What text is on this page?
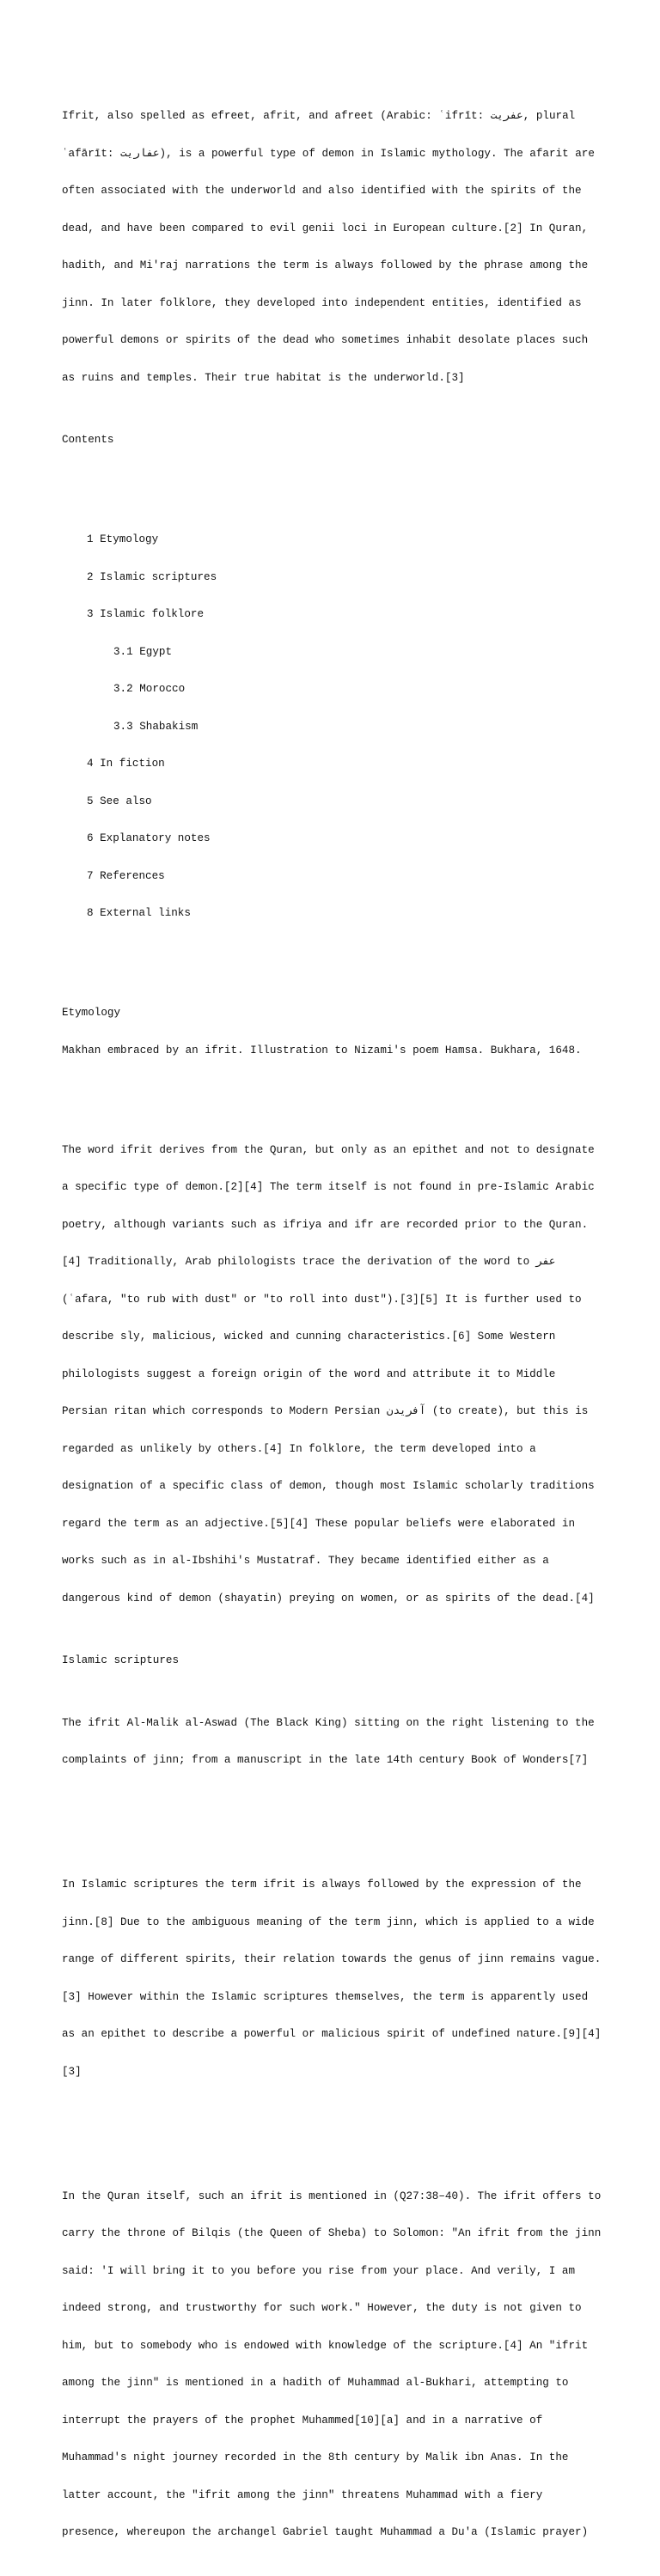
Ifrit, also spelled as efreet, afrit, and afreet (Arabic: ʿifrīt: عفريت, plural

ʿafārīt: عفاريت), is a powerful type of demon in Islamic mythology. The afarit are

often associated with the underworld and also identified with the spirits of the

dead, and have been compared to evil genii loci in European culture.[2] In Quran,

hadith, and Mi'raj narrations the term is always followed by the phrase among the

jinn. In later folklore, they developed into independent entities, identified as

powerful demons or spirits of the dead who sometimes inhabit desolate places such

as ruins and temples. Their true habitat is the underworld.[3]

Contents

1 Etymology

2 Islamic scriptures

3 Islamic folklore

3.1 Egypt

3.2 Morocco

3.3 Shabakism

4 In fiction

5 See also

6 Explanatory notes

7 References

8 External links

Etymology

Makhan embraced by an ifrit. Illustration to Nizami's poem Hamsa. Bukhara, 1648.

The word ifrit derives from the Quran, but only as an epithet and not to designate

a specific type of demon.[2][4] The term itself is not found in pre-Islamic Arabic

poetry, although variants such as ifriya and ifr are recorded prior to the Quran.

[4] Traditionally, Arab philologists trace the derivation of the word to عفر

(ʿafara, "to rub with dust" or "to roll into dust").[3][5] It is further used to

describe sly, malicious, wicked and cunning characteristics.[6] Some Western

philologists suggest a foreign origin of the word and attribute it to Middle

Persian ritan which corresponds to Modern Persian آفریدن (to create), but this is

regarded as unlikely by others.[4] In folklore, the term developed into a

designation of a specific class of demon, though most Islamic scholarly traditions

regard the term as an adjective.[5][4] These popular beliefs were elaborated in

works such as in al-Ibshihi's Mustatraf. They became identified either as a

dangerous kind of demon (shayatin) preying on women, or as spirits of the dead.[4]

Islamic scriptures

The ifrit Al-Malik al-Aswad (The Black King) sitting on the right listening to the

complaints of jinn; from a manuscript in the late 14th century Book of Wonders[7]

In Islamic scriptures the term ifrit is always followed by the expression of the

jinn.[8] Due to the ambiguous meaning of the term jinn, which is applied to a wide

range of different spirits, their relation towards the genus of jinn remains vague.

[3] However within the Islamic scriptures themselves, the term is apparently used

as an epithet to describe a powerful or malicious spirit of undefined nature.[9][4]

[3]

In the Quran itself, such an ifrit is mentioned in (Q27:38–40). The ifrit offers to

carry the throne of Bilqis (the Queen of Sheba) to Solomon: "An ifrit from the jinn

said: 'I will bring it to you before you rise from your place. And verily, I am

indeed strong, and trustworthy for such work." However, the duty is not given to

him, but to somebody who is endowed with knowledge of the scripture.[4] An "ifrit

among the jinn" is mentioned in a hadith of Muhammad al-Bukhari, attempting to

interrupt the prayers of the prophet Muhammed[10][a] and in a narrative of

Muhammad's night journey recorded in the 8th century by Malik ibn Anas. In the

latter account, the "ifrit among the jinn" threatens Muhammad with a fiery

presence, whereupon the archangel Gabriel taught Muhammad a Du'a (Islamic prayer)
